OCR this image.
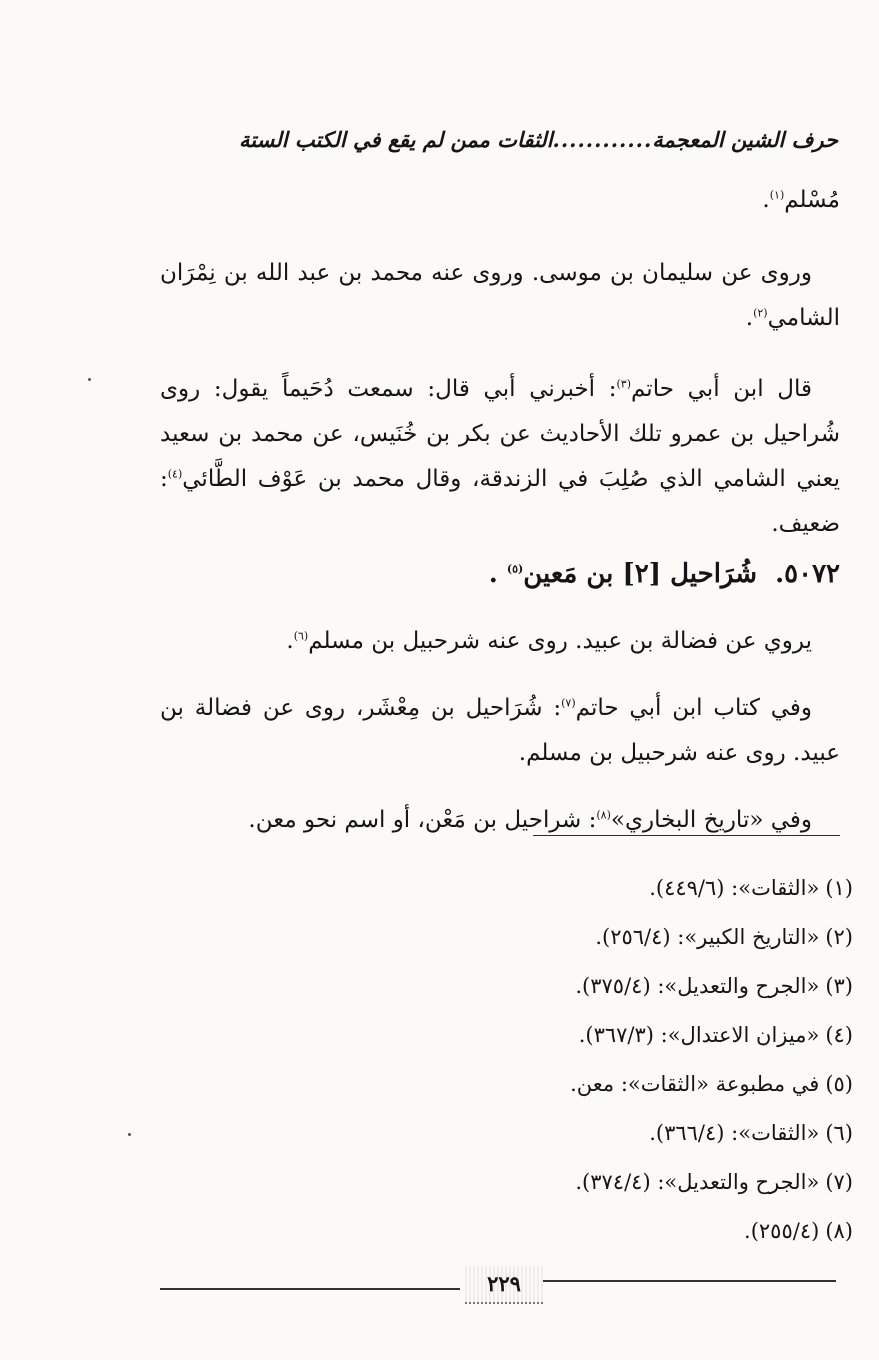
حرف الشين المعجمة............الثقات ممن لم يقع في الكتب الستة

مُسْلم$^{(١)}$.

وروى عن سليمان بن موسى. وروى عنه محمد بن عبد الله بن نِمْرَان الشامي$^{(٢)}$.

قال ابن أبي حاتم$^{(٣)}$: أخبرني أبي قال: سمعت دُحَيماً يقول: روى شُراحيل بن عمرو تلك الأحاديث عن بكر بن خُنَيس، عن محمد بن سعيد يعني الشامي الذي صُلِبَ في الزندقة، وقال محمد بن عَوْف الطَّائي$^{(٤)}$: ضعيف.

٥٠٧٢.شُرَاحيل [٢] بن مَعين$^{(٥)}$ .

يروي عن فضالة بن عبيد. روى عنه شرحبيل بن مسلم$^{(٦)}$.

وفي كتاب ابن أبي حاتم$^{(٧)}$: شُرَاحيل بن مِعْشَر، روى عن فضالة بن عبيد. روى عنه شرحبيل بن مسلم.

وفي «تاريخ البخاري»$^{(٨)}$: شراحيل بن مَعْن، أو اسم نحو معن.

(١)«الثقات»: (٤٤٩/٦).

(٢)«التاريخ الكبير»: (٢٥٦/٤).

(٣)«الجرح والتعديل»: (٣٧٥/٤).

(٤)«ميزان الاعتدال»: (٣٦٧/٣).

(٥)في مطبوعة «الثقات»: معن.

(٦)«الثقات»: (٣٦٦/٤).

(٧)«الجرح والتعديل»: (٣٧٤/٤).

(٨)(٢٥٥/٤).

٢٢٩
